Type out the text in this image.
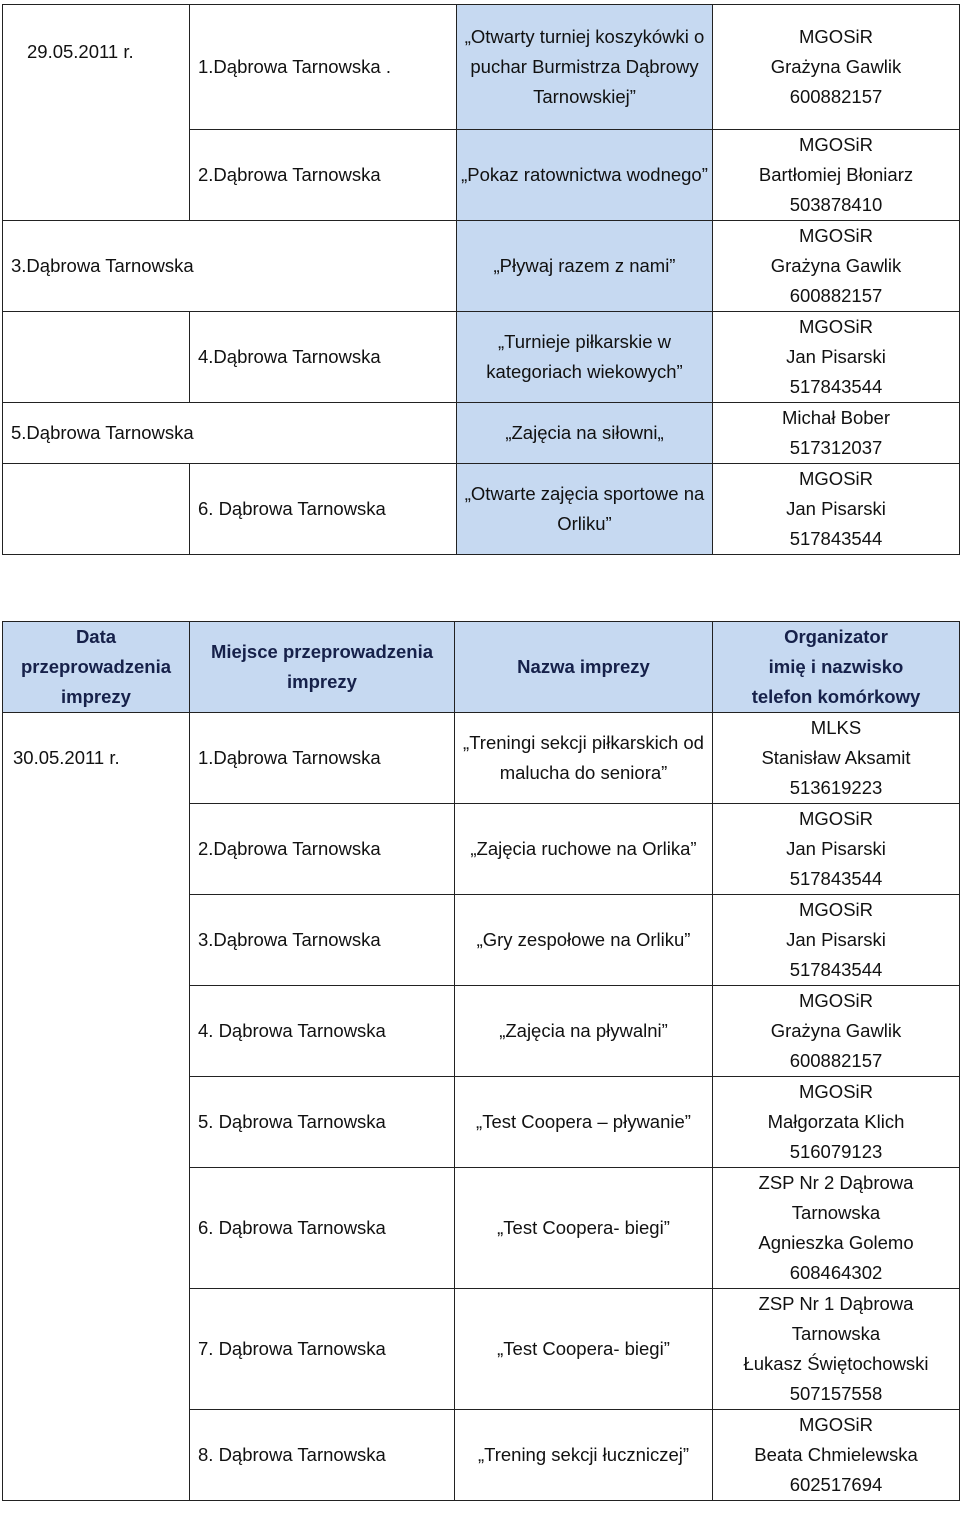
29.05.2011 r.	1.Dąbrowa Tarnowska .	„Otwarty turniej koszykówki o puchar Burmistrza Dąbrowy Tarnowskiej”	MGOSiR
Grażyna Gawlik
600882157

	2.Dąbrowa Tarnowska	„Pokaz ratownictwa wodnego”	MGOSiR
Bartłomiej Błoniarz
503878410

3.Dąbrowa Tarnowska		„Pływaj razem z nami”	MGOSiR
Grażyna Gawlik
600882157

	4.Dąbrowa Tarnowska	„Turnieje piłkarskie w kategoriach wiekowych”	MGOSiR
Jan Pisarski
517843544

5.Dąbrowa Tarnowska		„Zajęcia na siłowni„	Michał Bober
517312037

	6. Dąbrowa Tarnowska	„Otwarte zajęcia sportowe na Orliku”	MGOSiR
Jan Pisarski
517843544
Data przeprowadzenia imprezy	Miejsce przeprowadzenia imprezy	Nazwa imprezy	Organizator
imię i nazwisko
telefon komórkowy

30.05.2011 r.	1.Dąbrowa Tarnowska	„Treningi sekcji piłkarskich od malucha do seniora”	MLKS
Stanisław Aksamit
513619223

	2.Dąbrowa Tarnowska	„Zajęcia ruchowe na Orlika”	MGOSiR
Jan Pisarski
517843544

	3.Dąbrowa Tarnowska	„Gry zespołowe na Orliku”	MGOSiR
Jan Pisarski
517843544

	4. Dąbrowa Tarnowska	„Zajęcia na pływalni”	MGOSiR
Grażyna Gawlik
600882157

	5. Dąbrowa Tarnowska	„Test Coopera – pływanie”	MGOSiR
Małgorzata Klich
516079123

	6. Dąbrowa Tarnowska	„Test Coopera- biegi”	ZSP Nr 2 Dąbrowa Tarnowska
Agnieszka Golemo
608464302

	7. Dąbrowa Tarnowska	„Test Coopera- biegi”	ZSP Nr 1 Dąbrowa Tarnowska
Łukasz Świętochowski
507157558

	8. Dąbrowa Tarnowska	„Trening sekcji łuczniczej”	MGOSiR
Beata Chmielewska
602517694
